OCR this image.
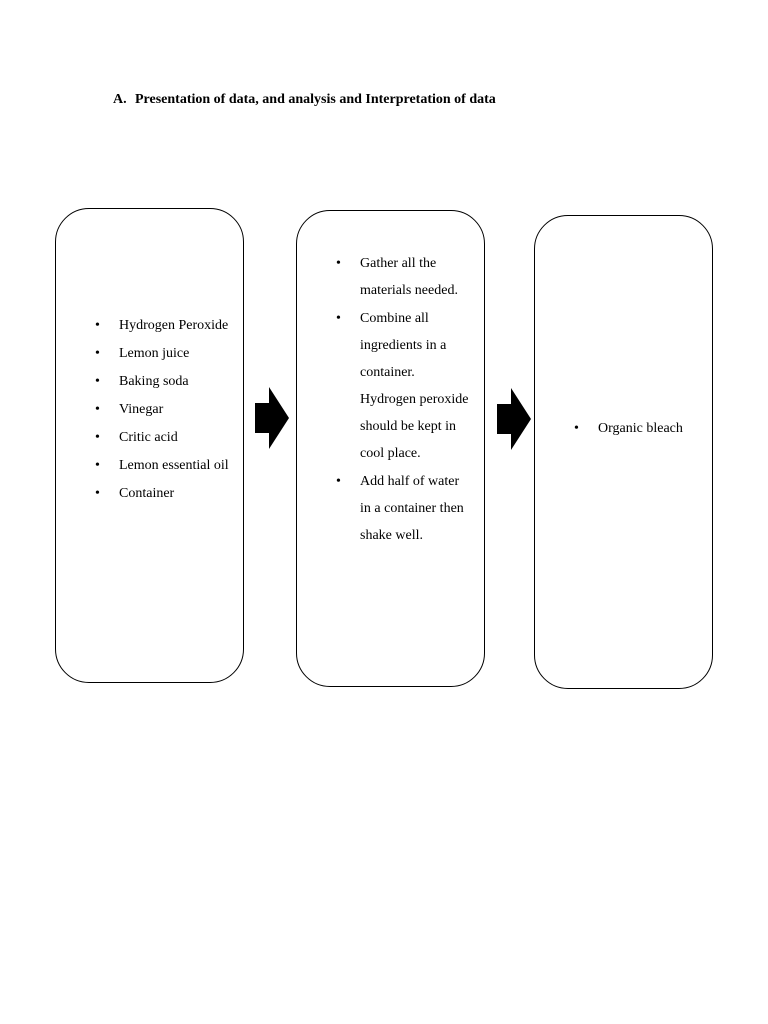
A. Presentation of data, and analysis and Interpretation of data
• Hydrogen Peroxide
• Lemon juice
• Baking soda
• Vinegar
• Critic acid
• Lemon essential oil
• Container
• Gather all the materials needed.
• Combine all ingredients in a container. Hydrogen peroxide should be kept in cool place.
• Add half of water in a container then shake well.
• Organic bleach
